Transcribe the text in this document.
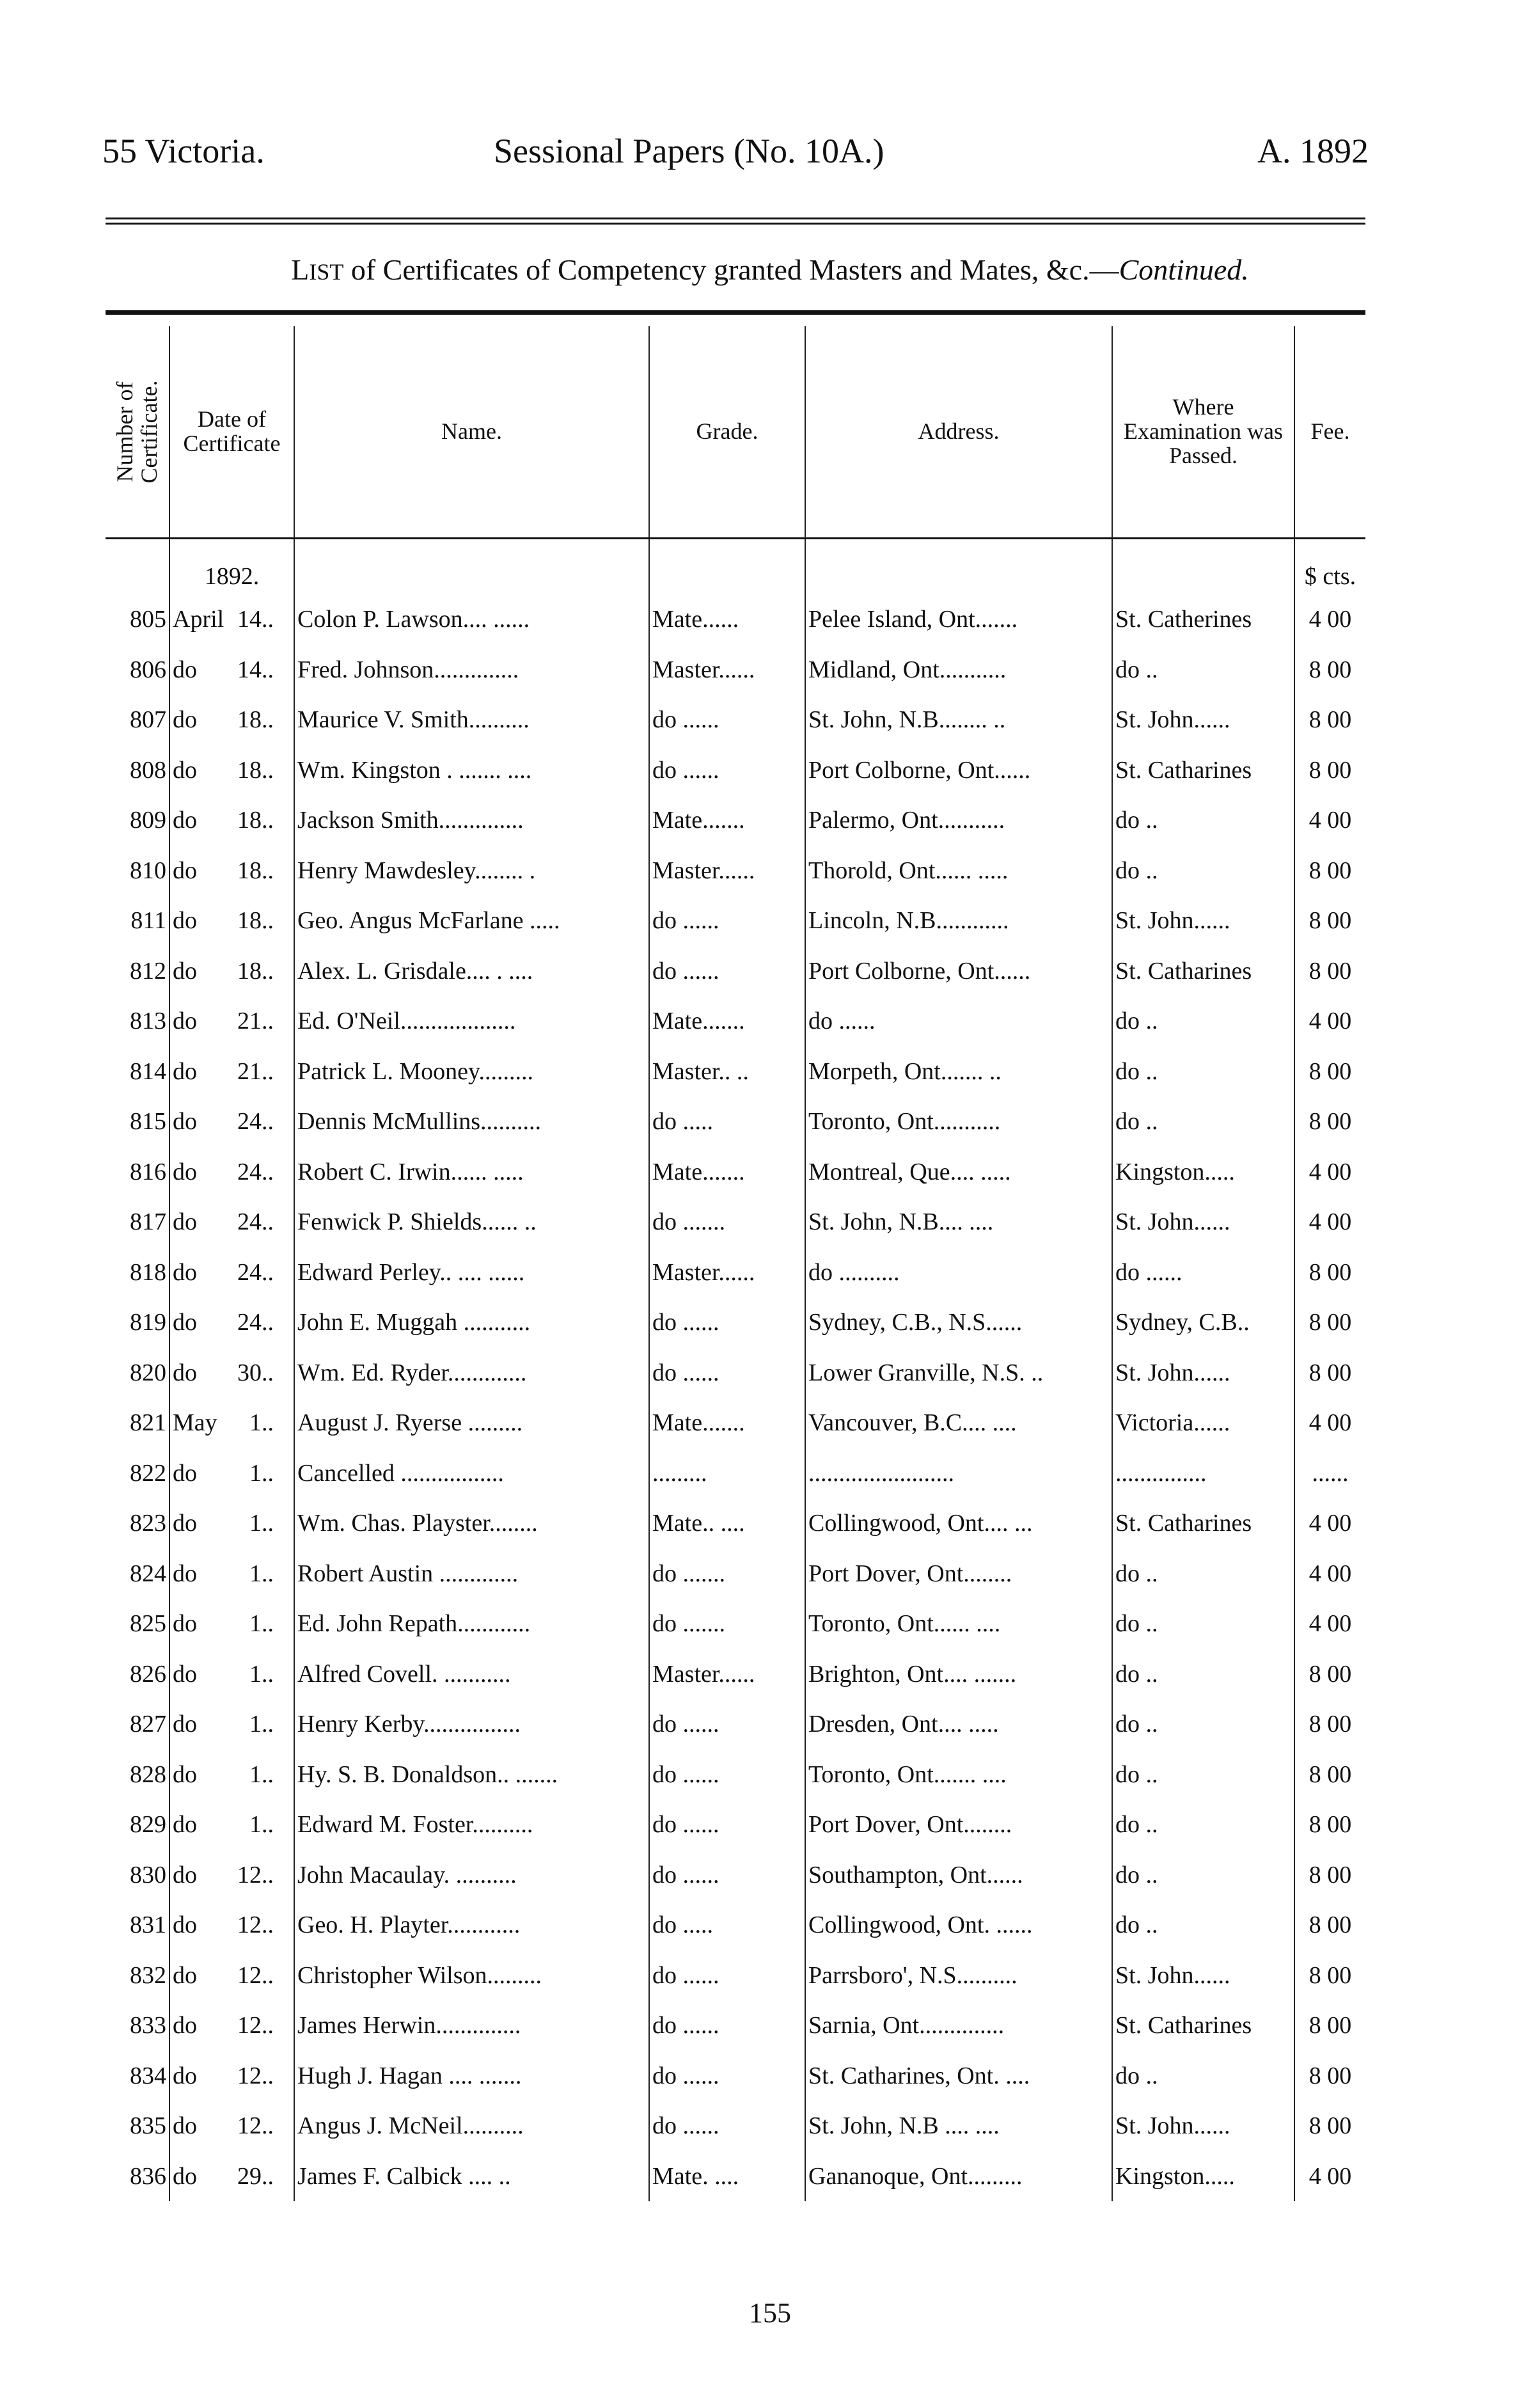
55 Victoria.	Sessional Papers (No. 10A.)	A. 1892
LIST of Certificates of Competency granted Masters and Mates, &c.—Continued.
Number of Certificate.	Date of Certificate	Name.	Grade.	Address.	Where Examination was Passed.	Fee.
	1892.					$ cts.
805	April 14..	Colon P. Lawson.... ......	Mate......	Pelee Island, Ont.......	St. Catherines	4 00
806	do 14..	Fred. Johnson..............	Master......	Midland, Ont...........	do ..	8 00
807	do 18..	Maurice V. Smith..........	do ......	St. John, N.B........ ..	St. John......	8 00
808	do 18..	Wm. Kingston . ....... ....	do ......	Port Colborne, Ont......	St. Catharines	8 00
809	do 18..	Jackson Smith..............	Mate.......	Palermo, Ont...........	do ..	4 00
810	do 18..	Henry Mawdesley........ .	Master......	Thorold, Ont...... .....	do ..	8 00
811	do 18..	Geo. Angus McFarlane .....	do ......	Lincoln, N.B............	St. John......	8 00
812	do 18..	Alex. L. Grisdale.... . ....	do ......	Port Colborne, Ont......	St. Catharines	8 00
813	do 21..	Ed. O'Neil...................	Mate.......	do ......	do ..	4 00
814	do 21..	Patrick L. Mooney.........	Master.. ..	Morpeth, Ont....... ..	do ..	8 00
815	do 24..	Dennis McMullins..........	do .....	Toronto, Ont...........	do ..	8 00
816	do 24..	Robert C. Irwin...... .....	Mate.......	Montreal, Que.... .....	Kingston.....	4 00
817	do 24..	Fenwick P. Shields...... ..	do .......	St. John, N.B.... ....	St. John......	4 00
818	do 24..	Edward Perley.. .... ......	Master......	do ..........	do ......	8 00
819	do 24..	John E. Muggah ...........	do ......	Sydney, C.B., N.S......	Sydney, C.B..	8 00
820	do 30..	Wm. Ed. Ryder.............	do ......	Lower Granville, N.S. ..	St. John......	8 00
821	May 1..	August J. Ryerse .........	Mate.......	Vancouver, B.C.... ....	Victoria......	4 00
822	do 1..	Cancelled .................	.........	........................	...............	......
823	do 1..	Wm. Chas. Playster........	Mate.. ....	Collingwood, Ont.... ...	St. Catharines	4 00
824	do 1..	Robert Austin .............	do .......	Port Dover, Ont........	do ..	4 00
825	do 1..	Ed. John Repath............	do .......	Toronto, Ont...... ....	do ..	4 00
826	do 1..	Alfred Covell. ...........	Master......	Brighton, Ont.... .......	do ..	8 00
827	do 1..	Henry Kerby................	do ......	Dresden, Ont.... .....	do ..	8 00
828	do 1..	Hy. S. B. Donaldson.. .......	do ......	Toronto, Ont....... ....	do ..	8 00
829	do 1..	Edward M. Foster..........	do ......	Port Dover, Ont........	do ..	8 00
830	do 12..	John Macaulay. ..........	do ......	Southampton, Ont......	do ..	8 00
831	do 12..	Geo. H. Playter............	do .....	Collingwood, Ont. ......	do ..	8 00
832	do 12..	Christopher Wilson.........	do ......	Parrsboro', N.S..........	St. John......	8 00
833	do 12..	James Herwin..............	do ......	Sarnia, Ont..............	St. Catharines	8 00
834	do 12..	Hugh J. Hagan .... .......	do ......	St. Catharines, Ont. ....	do ..	8 00
835	do 12..	Angus J. McNeil..........	do ......	St. John, N.B .... ....	St. John......	8 00
836	do 29..	James F. Calbick .... ..	Mate. ....	Gananoque, Ont.........	Kingston.....	4 00
155
